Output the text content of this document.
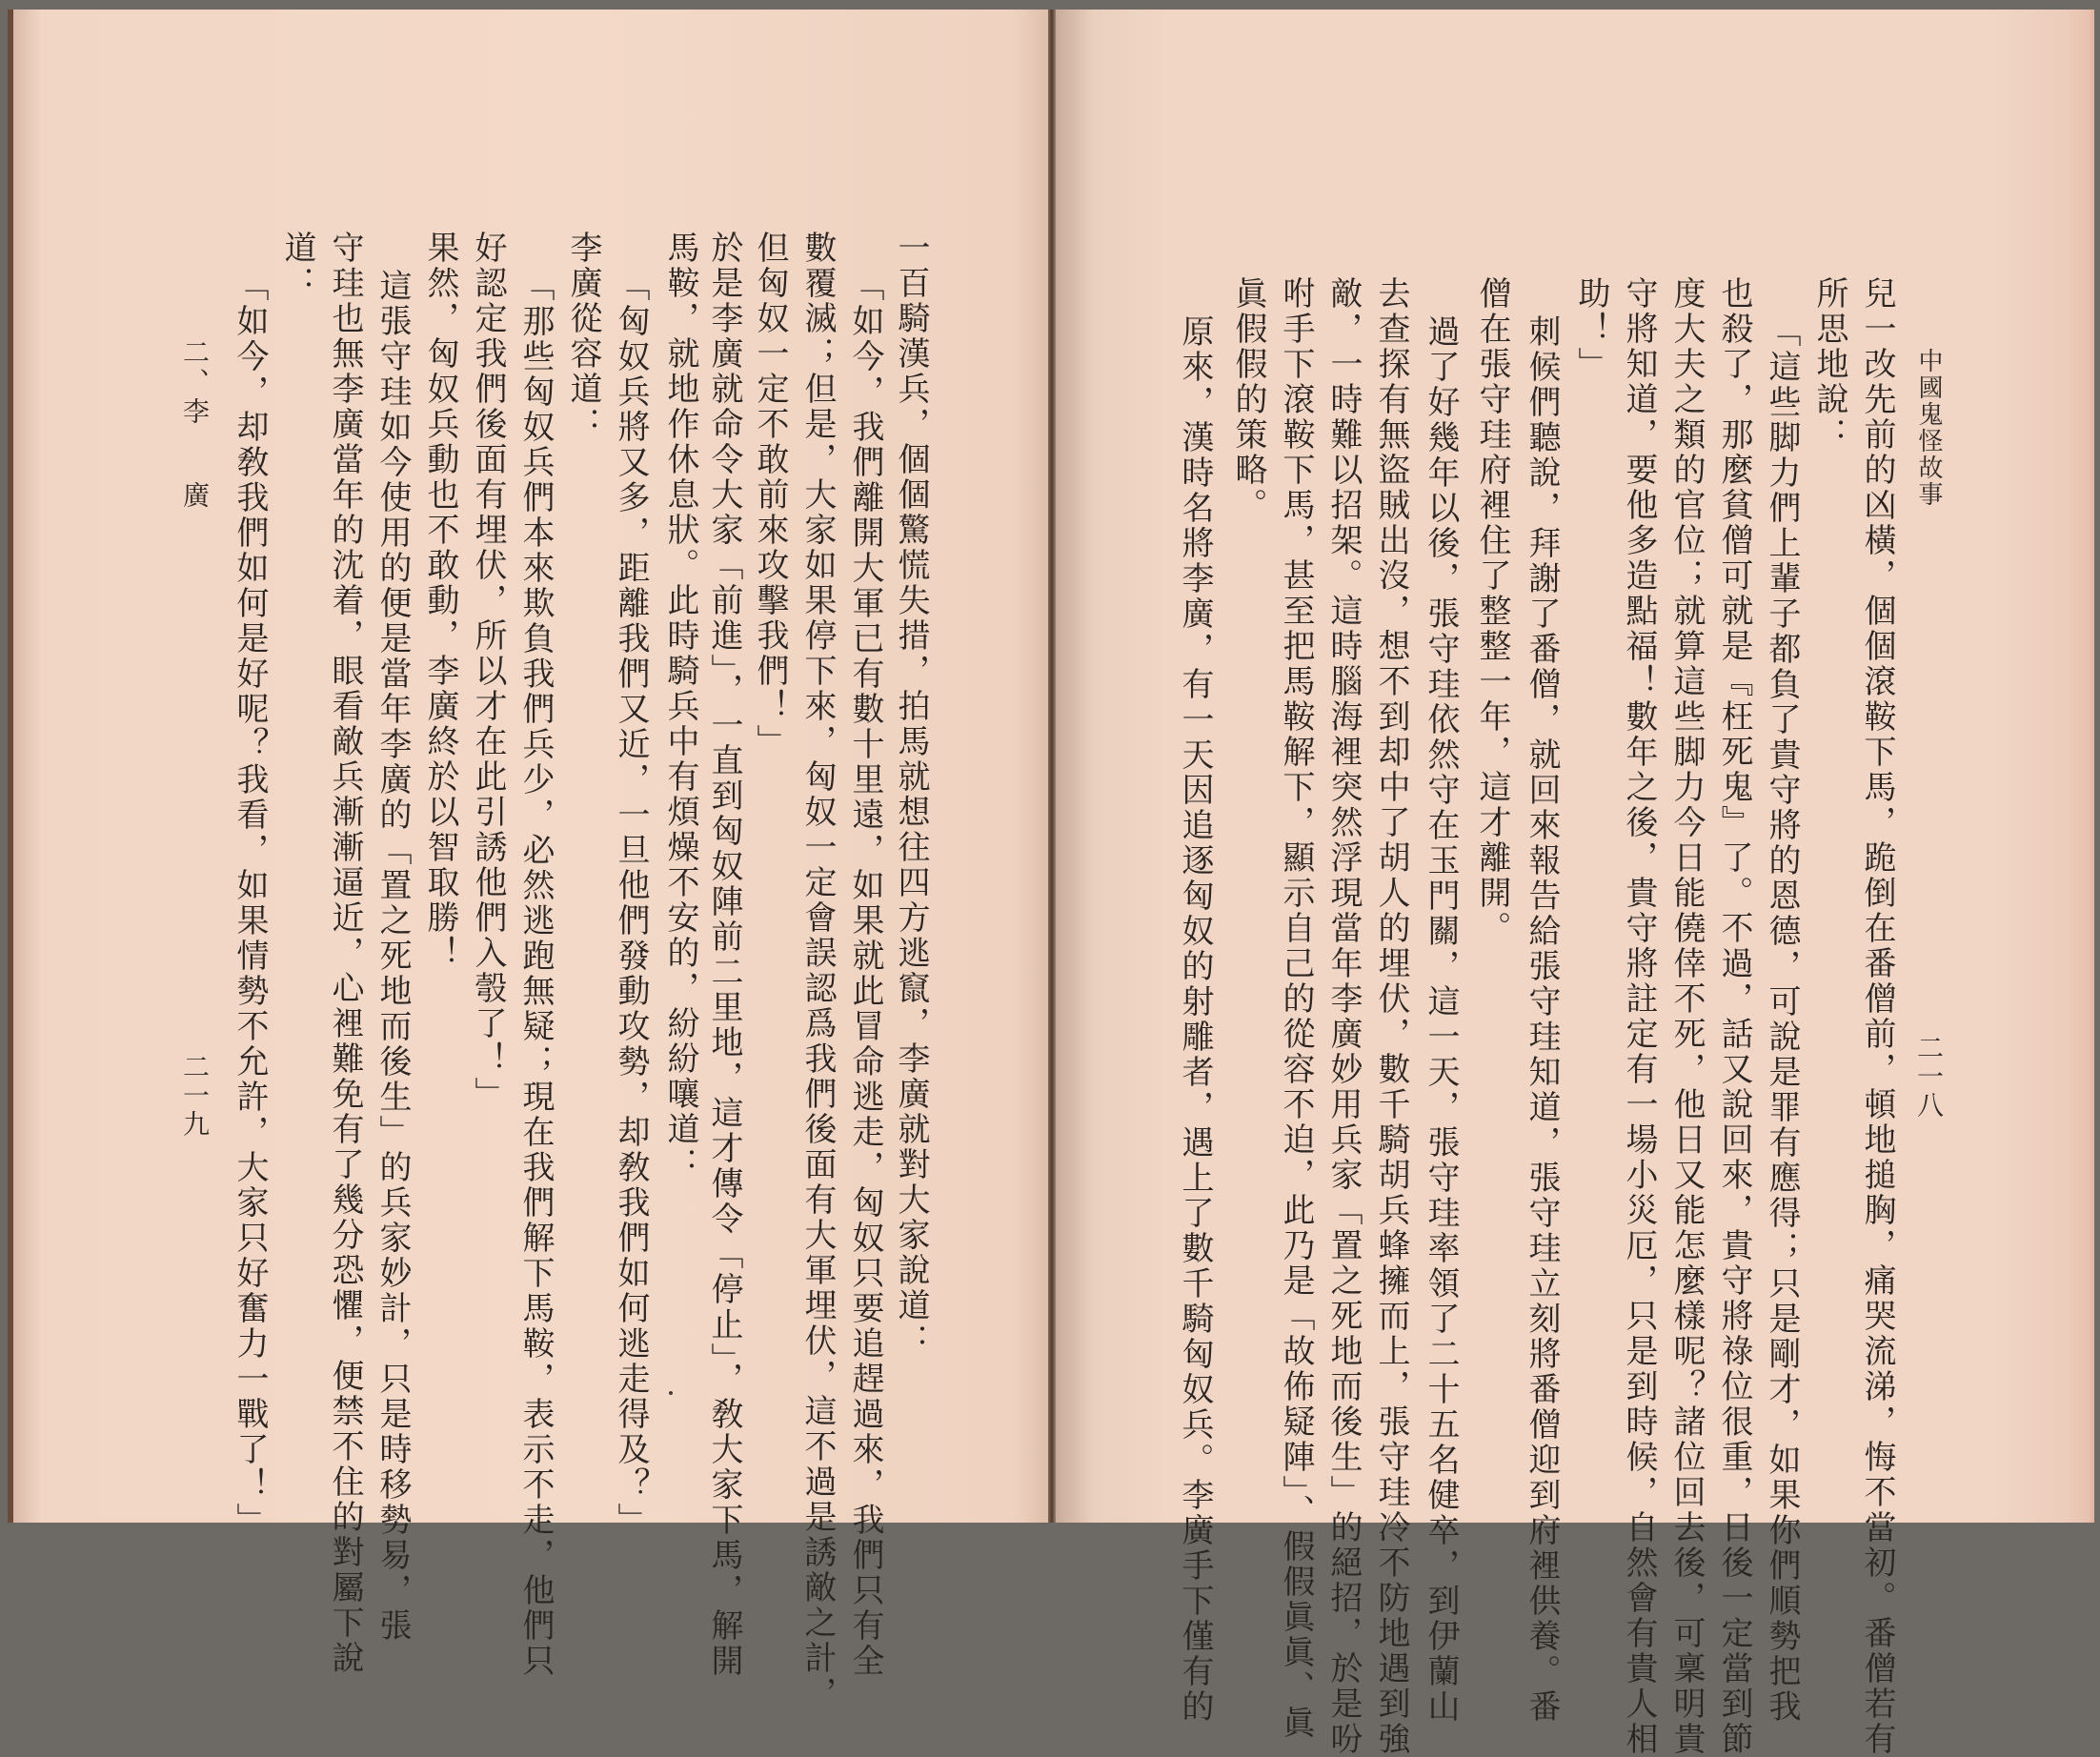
一百騎漢兵，個個驚慌失措，拍馬就想往四方逃竄，李廣就對大家說道：
「如今，我們離開大軍已有數十里遠，如果就此冒命逃走，匈奴只要追趕過來，我們只有全
數覆滅；但是，大家如果停下來，匈奴一定會誤認爲我們後面有大軍埋伏，這不過是誘敵之計，
但匈奴一定不敢前來攻擊我們！」
於是李廣就命令大家「前進」，一直到匈奴陣前二里地，這才傳令「停止」，敎大家下馬，解開
馬鞍，就地作休息狀。此時騎兵中有煩燥不安的，紛紛嚷道：
「匈奴兵將又多，距離我們又近，一旦他們發動攻勢，却敎我們如何逃走得及？」
李廣從容道：
「那些匈奴兵們本來欺負我們兵少，必然逃跑無疑；現在我們解下馬鞍，表示不走，他們只
好認定我們後面有埋伏，所以才在此引誘他們入彀了！」
果然，匈奴兵動也不敢動，李廣終於以智取勝！
這張守珪如今使用的便是當年李廣的「置之死地而後生」的兵家妙計，只是時移勢易，張
守珪也無李廣當年的沈着，眼看敵兵漸漸逼近，心裡難免有了幾分恐懼，便禁不住的對屬下說
道：
「如今，却敎我們如何是好呢？我看，如果情勢不允許，大家只好奮力一戰了！」
二、李
廣
二一九
中國鬼怪故事
二一八
兒一改先前的凶橫，個個滾鞍下馬，跪倒在番僧前，頓地搥胸，痛哭流涕，悔不當初。番僧若有
所思地說：
「這些脚力們上輩子都負了貴守將的恩德，可說是罪有應得；只是剛才，如果你們順勢把我
也殺了，那麼貧僧可就是『枉死鬼』了。不過，話又說回來，貴守將祿位很重，日後一定當到節
度大夫之類的官位；就算這些脚力今日能僥倖不死，他日又能怎麼樣呢？諸位回去後，可稟明貴
守將知道，要他多造點福！數年之後，貴守將註定有一場小災厄，只是到時候，自然會有貴人相
助！」
刺候們聽說，拜謝了番僧，就回來報告給張守珪知道，張守珪立刻將番僧迎到府裡供養。番
僧在張守珪府裡住了整整一年，這才離開。
過了好幾年以後，張守珪依然守在玉門關，這一天，張守珪率領了二十五名健卒，到伊蘭山
去查探有無盜賊出沒，想不到却中了胡人的埋伏，數千騎胡兵蜂擁而上，張守珪冷不防地遇到強
敵，一時難以招架。這時腦海裡突然浮現當年李廣妙用兵家「置之死地而後生」的絕招，於是吩
咐手下滾鞍下馬，甚至把馬鞍解下，顯示自己的從容不迫，此乃是「故佈疑陣」、假假眞眞、眞
眞假假的策略。
原來，漢時名將李廣，有一天因追逐匈奴的射雕者，遇上了數千騎匈奴兵。李廣手下僅有的
